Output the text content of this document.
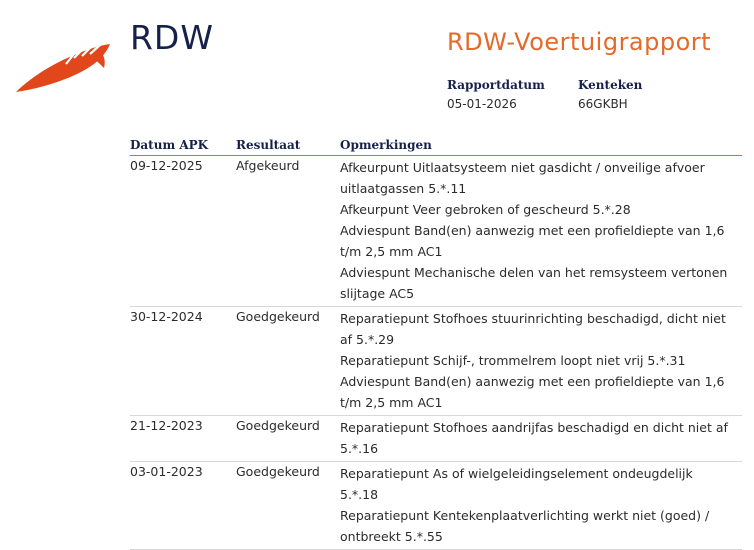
RDW	RDW-Voertuigrapport
Rapportdatum
05-01-2026
Kenteken
66GKBH
Datum APK	Resultaat	Opmerkingen
09-12-2025	Afgekeurd	Afkeurpunt Uitlaatsysteem niet gasdicht / onveilige afvoer uitlaatgassen 5.*.11
Afkeurpunt Veer gebroken of gescheurd 5.*.28
Adviespunt Band(en) aanwezig met een profieldiepte van 1,6 t/m 2,5 mm AC1
Adviespunt Mechanische delen van het remsysteem vertonen slijtage AC5
30-12-2024	Goedgekeurd	Reparatiepunt Stofhoes stuurinrichting beschadigd, dicht niet af 5.*.29
Reparatiepunt Schijf-, trommelrem loopt niet vrij 5.*.31
Adviespunt Band(en) aanwezig met een profieldiepte van 1,6 t/m 2,5 mm AC1
21-12-2023	Goedgekeurd	Reparatiepunt Stofhoes aandrijfas beschadigd en dicht niet af 5.*.16
03-01-2023	Goedgekeurd	Reparatiepunt As of wielgeleidingselement ondeugdelijk 5.*.18
Reparatiepunt Kentekenplaatverlichting werkt niet (goed) / ontbreekt 5.*.55
